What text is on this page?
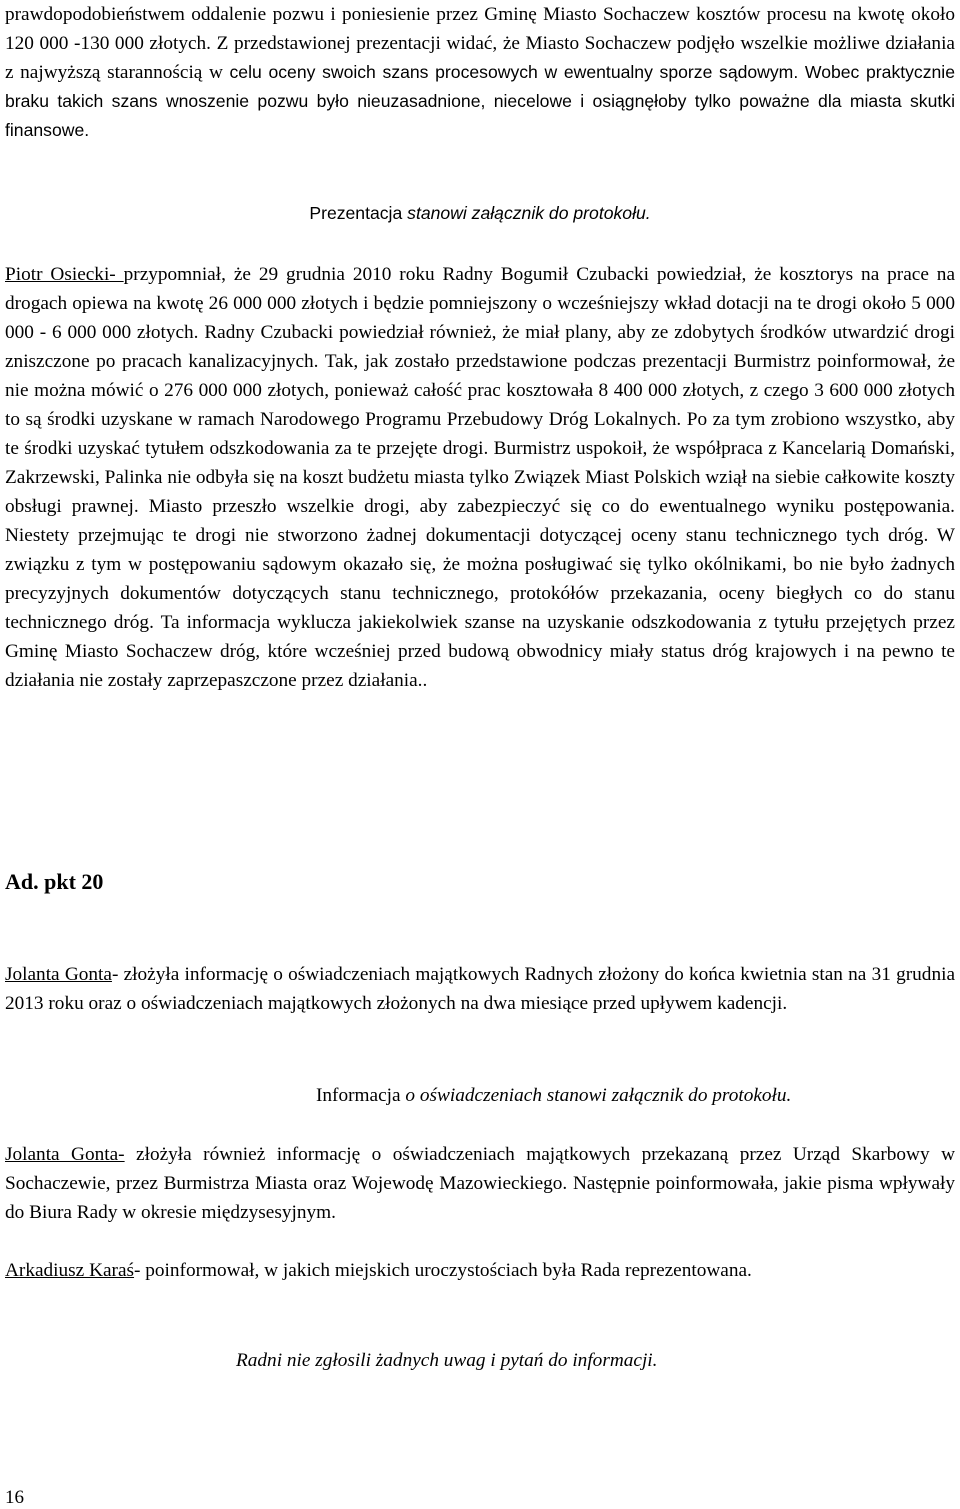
prawdopodobieństwem oddalenie pozwu i poniesienie przez Gminę Miasto Sochaczew kosztów procesu na kwotę około 120 000 -130 000 złotych. Z przedstawionej prezentacji widać, że Miasto Sochaczew podjęło wszelkie możliwe działania z najwyższą starannością w celu oceny swoich szans procesowych w ewentualny sporze sądowym. Wobec praktycznie braku takich szans wnoszenie pozwu było nieuzasadnione, niecelowe i osiągnęłoby tylko poważne dla miasta skutki finansowe.

Prezentacja stanowi załącznik do protokołu.

Piotr Osiecki- przypomniał, że 29 grudnia 2010 roku Radny Bogumił Czubacki powiedział, że kosztorys na prace na drogach opiewa na kwotę 26 000 000 złotych i będzie pomniejszony o wcześniejszy wkład dotacji na te drogi około 5 000 000 - 6 000 000 złotych. Radny Czubacki powiedział również, że miał plany, aby ze zdobytych środków utwardzić drogi zniszczone po pracach kanalizacyjnych. Tak, jak zostało przedstawione podczas prezentacji Burmistrz poinformował, że nie można mówić o 276 000 000 złotych, ponieważ całość prac kosztowała 8 400 000 złotych, z czego 3 600 000 złotych to są środki uzyskane w ramach Narodowego Programu Przebudowy Dróg Lokalnych. Po za tym zrobiono wszystko, aby te środki uzyskać tytułem odszkodowania za te przejęte drogi. Burmistrz uspokoił, że współpraca z Kancelarią Domański, Zakrzewski, Palinka nie odbyła się na koszt budżetu miasta tylko Związek Miast Polskich wziął na siebie całkowite koszty obsługi prawnej. Miasto przeszło wszelkie drogi, aby zabezpieczyć się co do ewentualnego wyniku postępowania. Niestety przejmując te drogi nie stworzono żadnej dokumentacji dotyczącej oceny stanu technicznego tych dróg. W związku z tym w postępowaniu sądowym okazało się, że można posługiwać się tylko okólnikami, bo nie było żadnych precyzyjnych dokumentów dotyczących stanu technicznego, protokółów przekazania, oceny biegłych co do stanu technicznego dróg. Ta informacja wyklucza jakiekolwiek szanse na uzyskanie odszkodowania z tytułu przejętych przez Gminę Miasto Sochaczew dróg, które wcześniej przed budową obwodnicy miały status dróg krajowych i na pewno te działania nie zostały zaprzepaszczone przez działania..

Ad. pkt 20

Jolanta Gonta- złożyła informację o oświadczeniach majątkowych Radnych złożony do końca kwietnia stan na 31 grudnia 2013 roku oraz o oświadczeniach majątkowych złożonych na dwa miesiące przed upływem kadencji.

Informacja o oświadczeniach stanowi załącznik do protokołu.

Jolanta Gonta- złożyła również informację o oświadczeniach majątkowych przekazaną przez Urząd Skarbowy w Sochaczewie, przez Burmistrza Miasta oraz Wojewodę Mazowieckiego. Następnie poinformowała, jakie pisma wpływały do Biura Rady w okresie międzysesyjnym.

Arkadiusz Karaś- poinformował, w jakich miejskich uroczystościach była Rada reprezentowana.

Radni nie zgłosili żadnych uwag i pytań do informacji.

16
